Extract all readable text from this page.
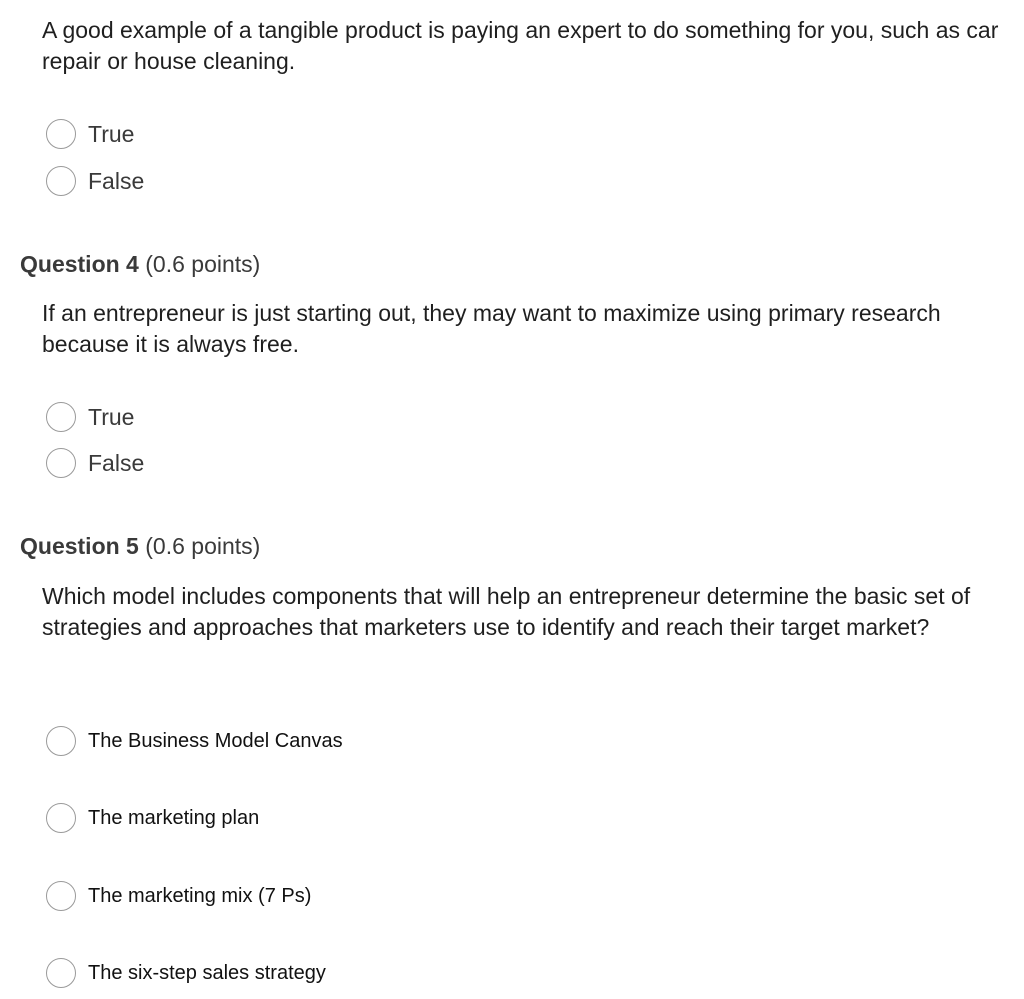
A good example of a tangible product is paying an expert to do something for you, such as car repair or house cleaning.

True
False
Question 4 (0.6 points)

If an entrepreneur is just starting out, they may want to maximize using primary research because it is always free.

True
False
Question 5 (0.6 points)

Which model includes components that will help an entrepreneur determine the basic set of strategies and approaches that marketers use to identify and reach their target market?

The Business Model Canvas
The marketing plan
The marketing mix (7 Ps)
The six-step sales strategy
